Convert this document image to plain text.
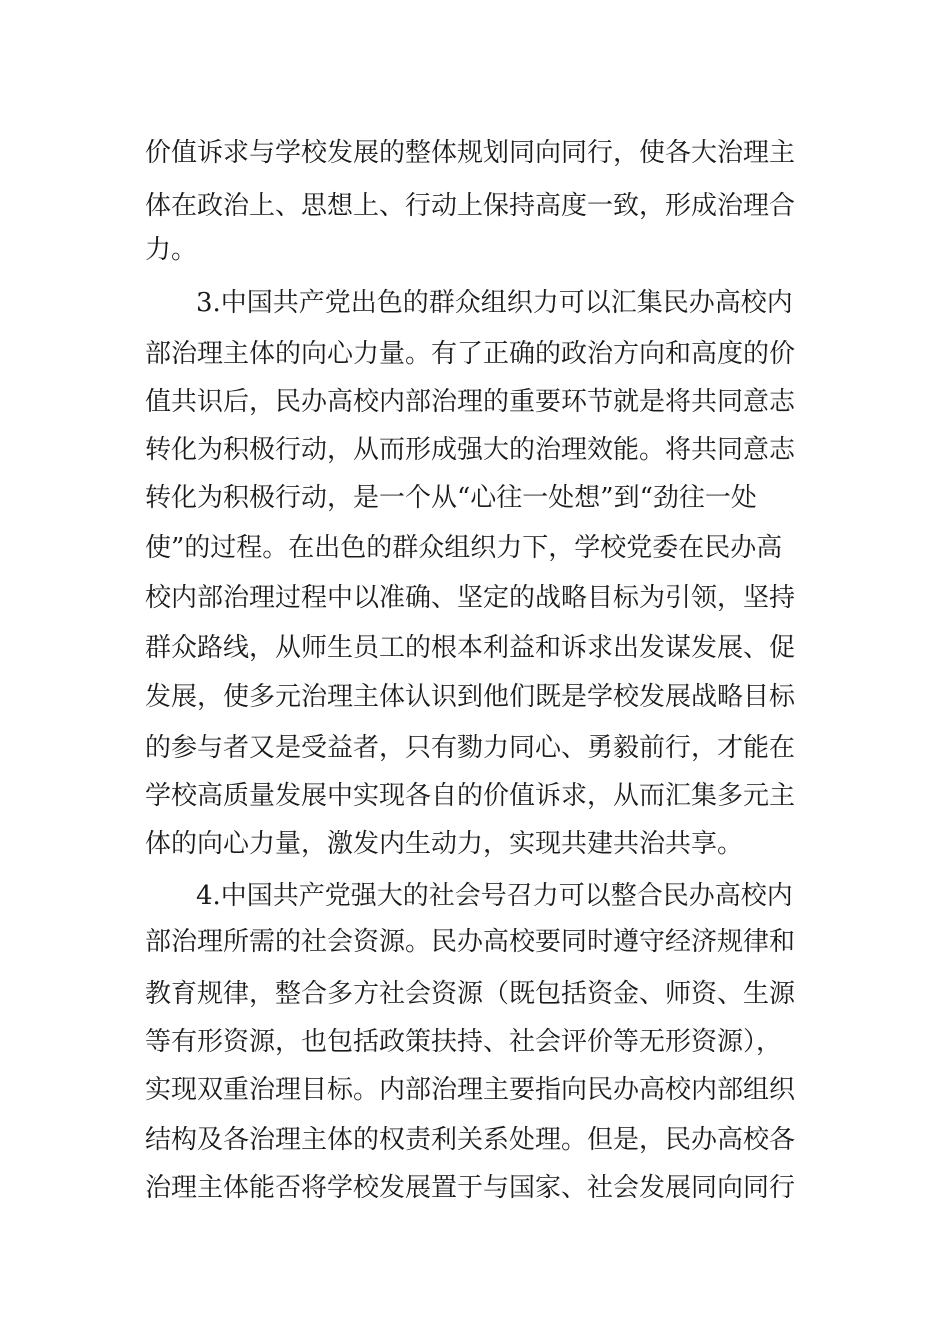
价值诉求与学校发展的整体规划同向同行，使各大治理主
体在政治上、思想上、行动上保持高度一致，形成治理合
力。
3.中国共产党出色的群众组织力可以汇集民办高校内
部治理主体的向心力量。有了正确的政治方向和高度的价
值共识后，民办高校内部治理的重要环节就是将共同意志
转化为积极行动，从而形成强大的治理效能。将共同意志
转化为积极行动，是一个从“心往一处想”到“劲往一处
使”的过程。在出色的群众组织力下，学校党委在民办高
校内部治理过程中以准确、坚定的战略目标为引领，坚持
群众路线，从师生员工的根本利益和诉求出发谋发展、促
发展，使多元治理主体认识到他们既是学校发展战略目标
的参与者又是受益者，只有勠力同心、勇毅前行，才能在
学校高质量发展中实现各自的价值诉求，从而汇集多元主
体的向心力量，激发内生动力，实现共建共治共享。
4.中国共产党强大的社会号召力可以整合民办高校内
部治理所需的社会资源。民办高校要同时遵守经济规律和
教育规律，整合多方社会资源（既包括资金、师资、生源
等有形资源，也包括政策扶持、社会评价等无形资源），
实现双重治理目标。内部治理主要指向民办高校内部组织
结构及各治理主体的权责利关系处理。但是，民办高校各
治理主体能否将学校发展置于与国家、社会发展同向同行
